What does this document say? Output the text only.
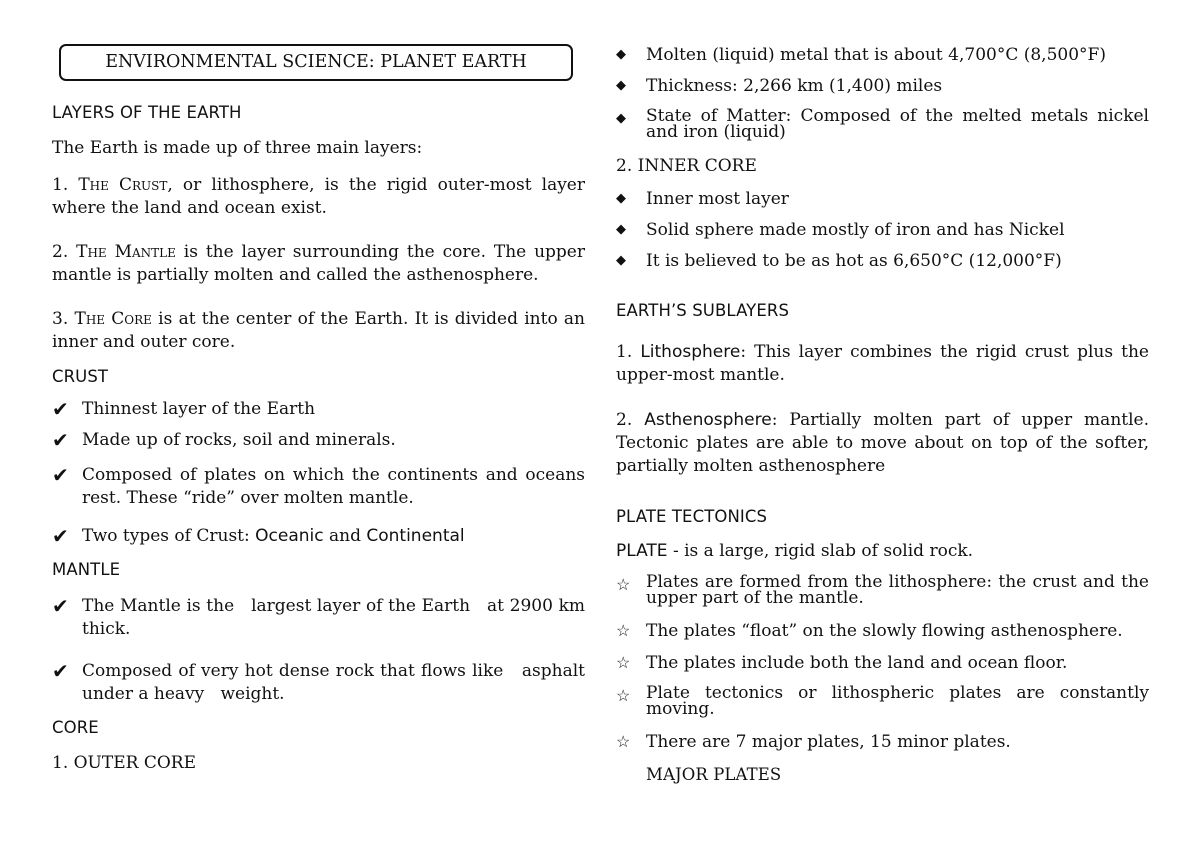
ENVIRONMENTAL SCIENCE: PLANET EARTH
LAYERS OF THE EARTH
The Earth is made up of three main layers:
1. The Crust, or lithosphere, is the rigid outer-most layer where the land and ocean exist.
2. The Mantle is the layer surrounding the core. The upper mantle is partially molten and called the asthenosphere.
3. The Core is at the center of the Earth. It is divided into an inner and outer core.
CRUST
✔ Thinnest layer of the Earth
✔ Made up of rocks, soil and minerals.
✔ Composed of plates on which the continents and oceans rest. These “ride” over molten mantle.
✔ Two types of Crust: Oceanic and Continental
MANTLE
✔ The Mantle is the   largest layer of the Earth   at 2900 km thick.
✔ Composed of very hot dense rock that flows like   asphalt under a heavy   weight.
CORE
1. OUTER CORE
◆	Molten (liquid) metal that is about 4,700°C (8,500°F)
◆	Thickness: 2,266 km (1,400) miles
◆	State of Matter: Composed of the melted metals nickel and iron (liquid)
2. INNER CORE
◆	Inner most layer
◆	Solid sphere made mostly of iron and has Nickel
◆	It is believed to be as hot as 6,650°C (12,000°F)
EARTH’S SUBLAYERS
1. Lithosphere: This layer combines the rigid crust plus the upper-most mantle.
2. Asthenosphere: Partially molten part of upper mantle. Tectonic plates are able to move about on top of the softer, partially molten asthenosphere
PLATE TECTONICS
PLATE - is a large, rigid slab of solid rock.
☆ Plates are formed from the lithosphere: the crust and the upper part of the mantle.
☆ The plates “float” on the slowly flowing asthenosphere.
☆ The plates include both the land and ocean floor.
☆ Plate tectonics or lithospheric plates are constantly moving.
☆ There are 7 major plates, 15 minor plates.
MAJOR PLATES
